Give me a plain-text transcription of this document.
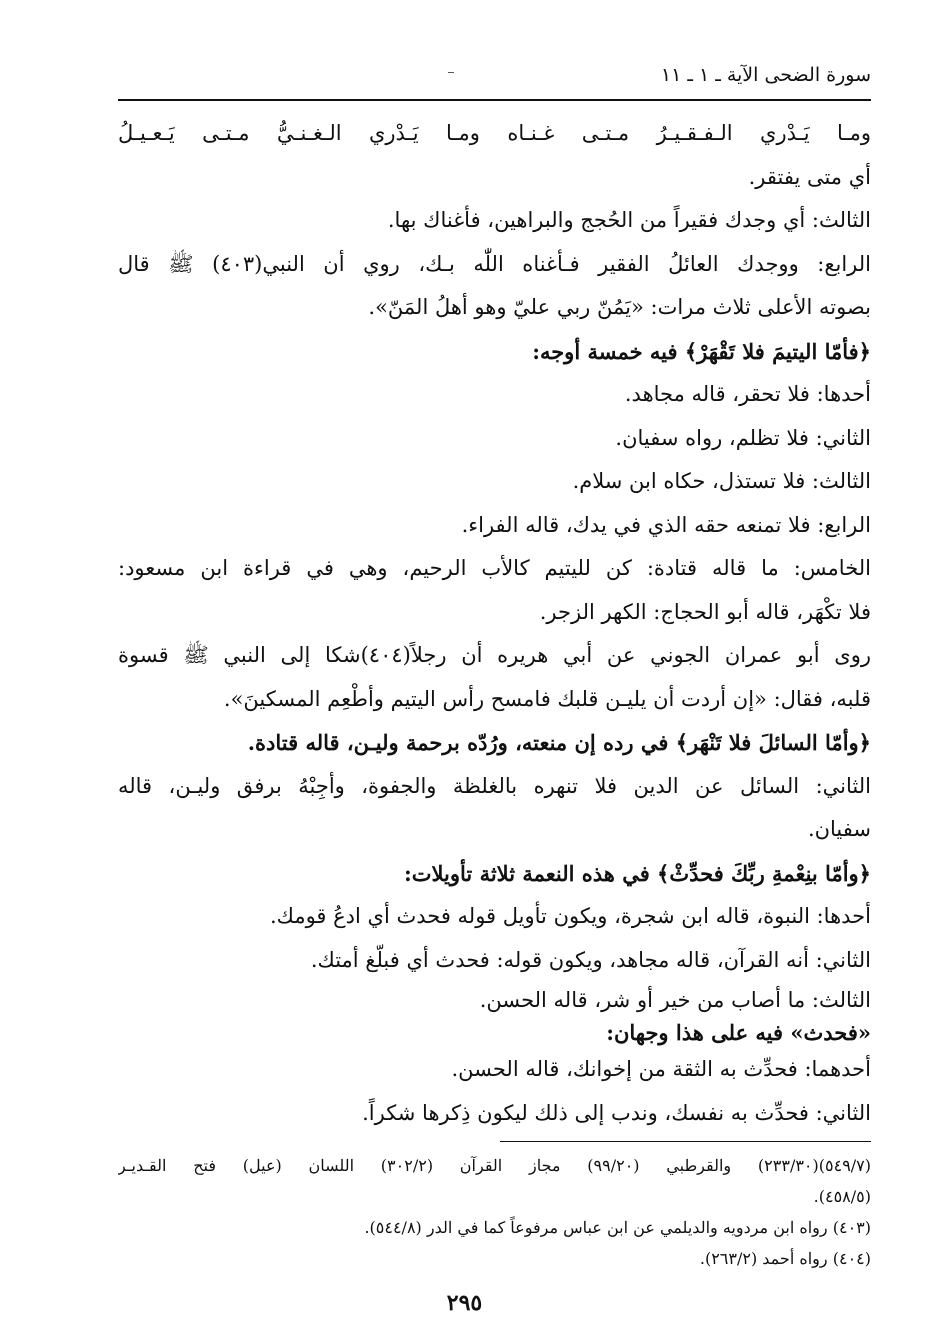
سورة الضحى الآية ـ ١ ـ ١١
ومـا يَـدْري الـفـقـيـرُ مـتـى غـنـاه ومـا يَـدْري الـغـنـيُّ مـتـى يَـعـيـلُ
أي متى يفتقر.
الثالث: أي وجدك فقيراً من الحُجج والبراهين، فأغناك بها.
الرابع: ووجدك العائلُ الفقير فـأغناه اللّٰه بـك، روي أن النبي(٤٠٣) ﷺ قال
بصوته الأعلى ثلاث مرات: «يَمُنّ ربي عليّ وهو أهلُ المَنّ».
﴿فأمّا اليتيمَ فلا تَقْهَرْ﴾ فيه خمسة أوجه:
أحدها: فلا تحقر، قاله مجاهد.
الثاني: فلا تظلم، رواه سفيان.
الثالث: فلا تستذل، حكاه ابن سلام.
الرابع: فلا تمنعه حقه الذي في يدك، قاله الفراء.
الخامس: ما قاله قتادة: كن لليتيم كالأب الرحيم، وهي في قراءة ابن مسعود:
فلا تكْهَر، قاله أبو الحجاج: الكهر الزجر.
روى أبو عمران الجوني عن أبي هريره أن رجلاً(٤٠٤)شكا إلى النبي ﷺ قسوة
قلبه، فقال: «إن أردت أن يليـن قلبك فامسح رأس اليتيم وأطْعِم المسكينَ».
﴿وأمّا السائلَ فلا تَنْهَر﴾ في رده إن منعته، ورُدّه برحمة وليـن، قاله قتادة.
الثاني: السائل عن الدين فلا تنهره بالغلظة والجفوة، وأجِبْهُ برفق وليـن، قاله
سفيان.
﴿وأمّا بنِعْمةِ ربِّكَ فحدِّثْ﴾ في هذه النعمة ثلاثة تأويلات:
أحدها: النبوة، قاله ابن شجرة، ويكون تأويل قوله فحدث أي ادعُ قومك.
الثاني: أنه القرآن، قاله مجاهد، ويكون قوله: فحدث أي فبلّغ أمتك.
الثالث: ما أصاب من خير أو شر، قاله الحسن.
«فحدث» فيه على هذا وجهان:
أحدهما: فحدِّث به الثقة من إخوانك، قاله الحسن.
الثاني: فحدِّث به نفسك، وندب إلى ذلك ليكون ذِكرها شكراً.
(٥٤٩/٧)(٢٣٣/٣٠) والقرطبي (٩٩/٢٠) مجاز القرآن (٣٠٢/٢) اللسان (عيل) فتح القـديـر
(٤٥٨/٥).
(٤٠٣) رواه ابن مردويه والديلمي عن ابن عباس مرفوعاً كما في الدر (٥٤٤/٨).
(٤٠٤) رواه أحمد (٢٦٣/٢).
٢٩٥
